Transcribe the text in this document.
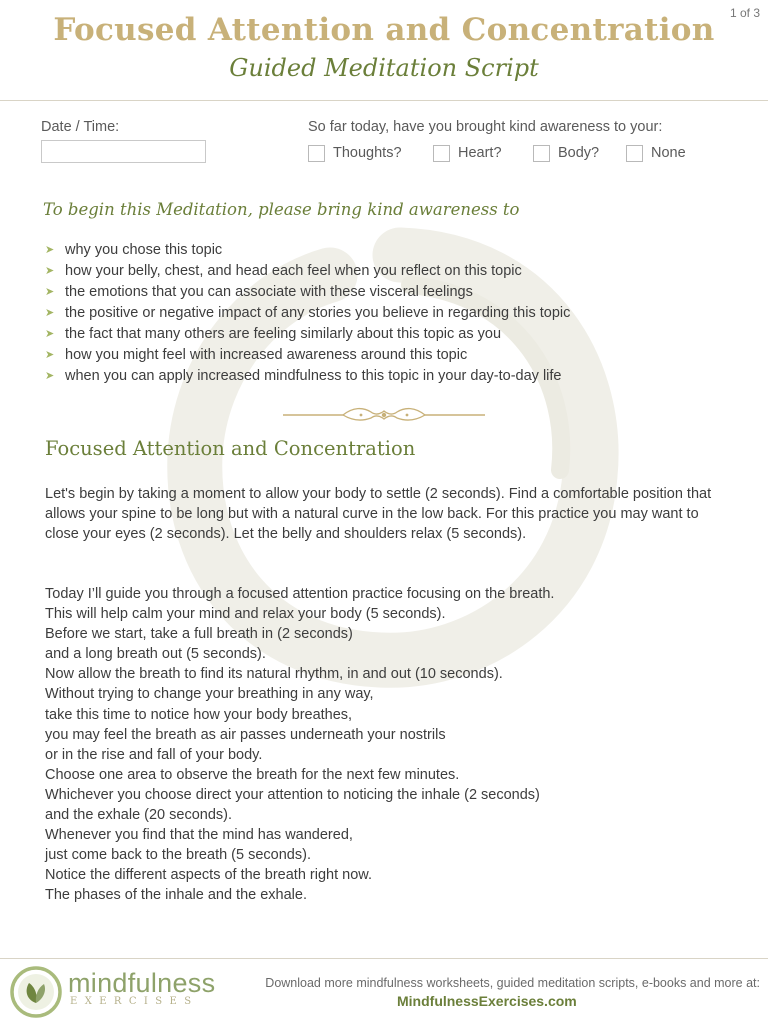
1 of 3
Focused Attention and Concentration
Guided Meditation Script
Date / Time:	So far today, have you brought kind awareness to your:
Thoughts?	Heart?	Body?	None
To begin this Meditation, please bring kind awareness to
➤ why you chose this topic
➤ how your belly, chest, and head each feel when you reflect on this topic
➤ the emotions that you can associate with these visceral feelings
➤ the positive or negative impact of any stories you believe in regarding this topic
➤ the fact that many others are feeling similarly about this topic as you
➤ how you might feel with increased awareness around this topic
➤ when you can apply increased mindfulness to this topic in your day-to-day life
Focused Attention and Concentration

Let's begin by taking a moment to allow your body to settle (2 seconds). Find a comfortable position that allows your spine to be long but with a natural curve in the low back. For this practice you may want to close your eyes (2 seconds). Let the belly and shoulders relax (5 seconds).

Today I’ll guide you through a focused attention practice focusing on the breath.
This will help calm your mind and relax your body (5 seconds).
Before we start, take a full breath in (2 seconds)
and a long breath out (5 seconds).
Now allow the breath to find its natural rhythm, in and out (10 seconds).
Without trying to change your breathing in any way,
take this time to notice how your body breathes,
you may feel the breath as air passes underneath your nostrils
or in the rise and fall of your body.
Choose one area to observe the breath for the next few minutes.
Whichever you choose direct your attention to noticing the inhale (2 seconds)
and the exhale (20 seconds).
Whenever you find that the mind has wandered,
just come back to the breath (5 seconds).
Notice the different aspects of the breath right now.
The phases of the inhale and the exhale.
mindfulness
EXERCISES
Download more mindfulness worksheets, guided meditation scripts, e-books and more at:
MindfulnessExercises.com
